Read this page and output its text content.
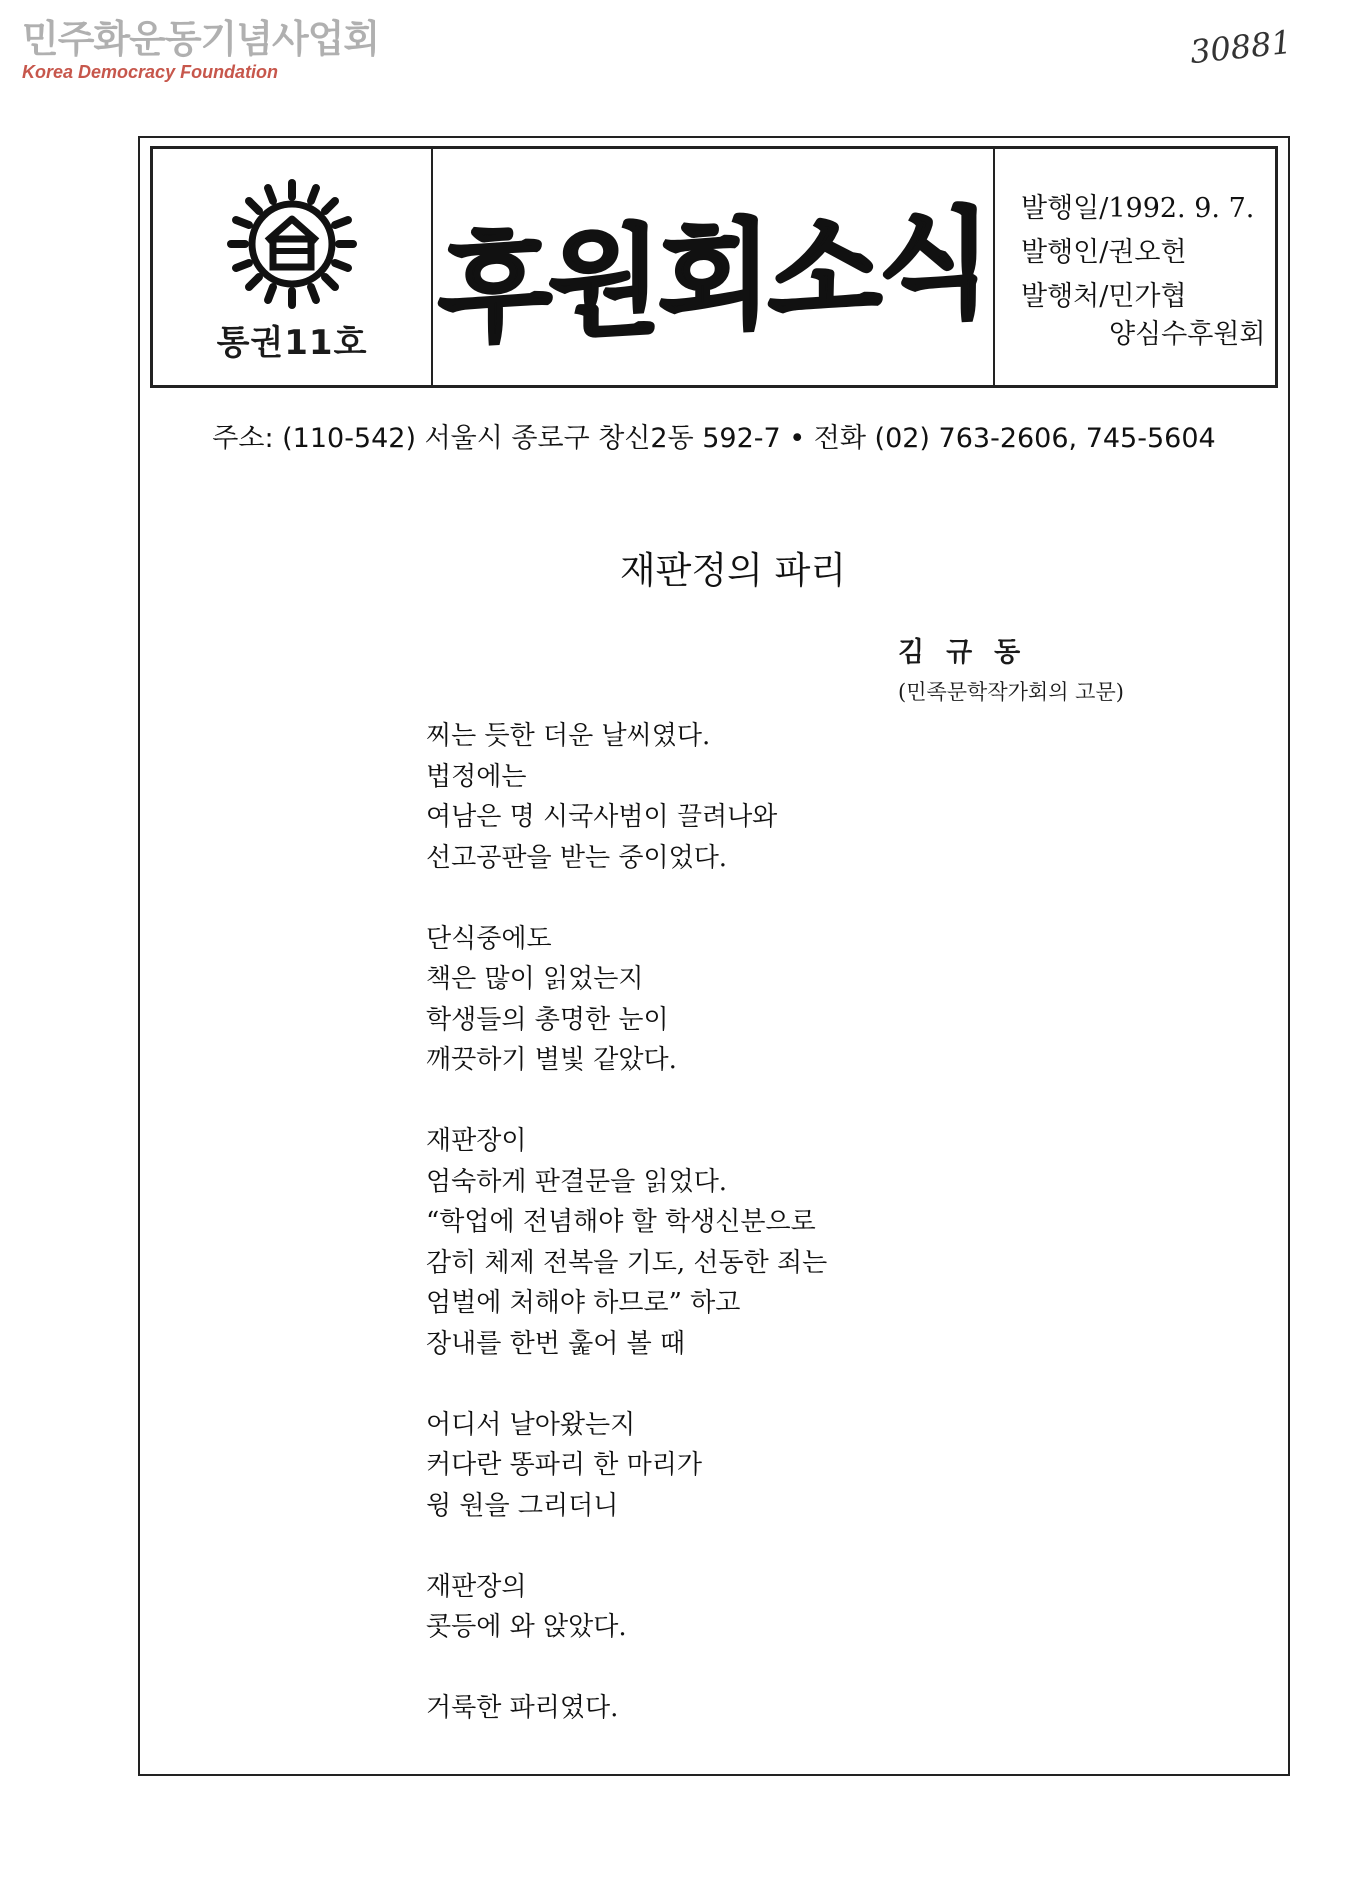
민주화운동기념사업회
Korea Democracy Foundation
30881
통권11호 후원회소식 발행일/1992. 9. 7.
발행인/권오헌
발행처/민가협
양심수후원회
주소: (110-542) 서울시 종로구 창신2동 592-7 • 전화 (02) 763-2606, 745-5604
재판정의 파리
김규동
(민족문학작가회의 고문)
찌는 듯한 더운 날씨였다.
법정에는
여남은 명 시국사범이 끌려나와
선고공판을 받는 중이었다.
단식중에도
책은 많이 읽었는지
학생들의 총명한 눈이
깨끗하기 별빛 같았다.
재판장이
엄숙하게 판결문을 읽었다.
“학업에 전념해야 할 학생신분으로
감히 체제 전복을 기도, 선동한 죄는
엄벌에 처해야 하므로” 하고
장내를 한번 훑어 볼 때
어디서 날아왔는지
커다란 똥파리 한 마리가
윙 원을 그리더니
재판장의
콧등에 와 앉았다.
거룩한 파리였다.
